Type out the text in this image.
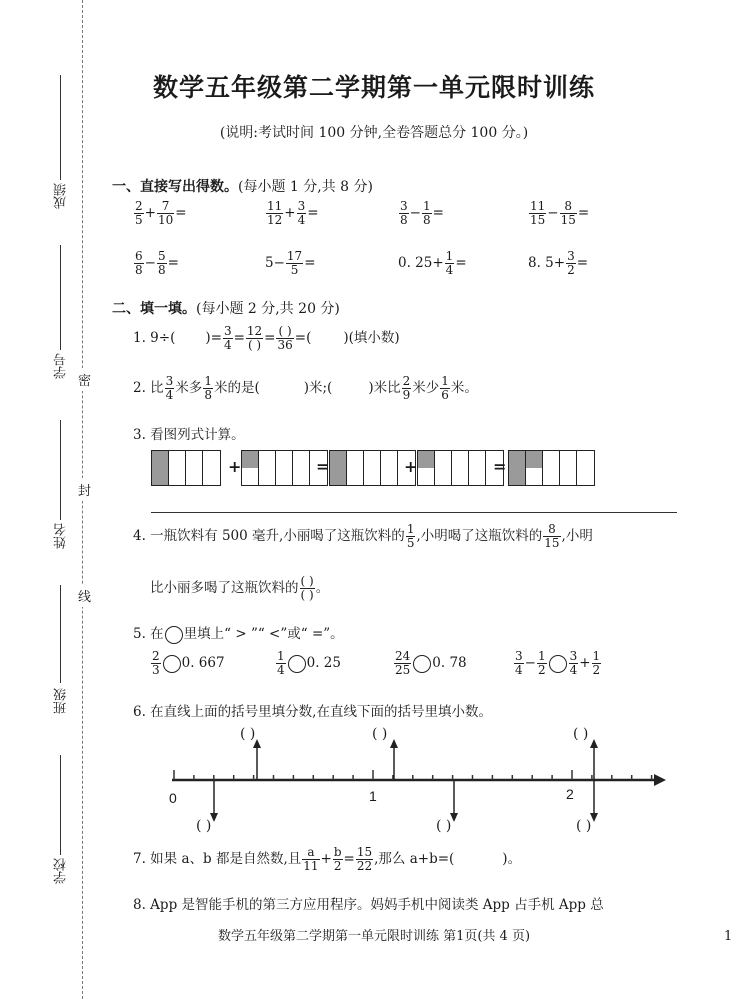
成绩
学号
姓名
班级
学校
密
封
线
数学五年级第二学期第一单元限时训练
(说明:考试时间 100 分钟,全卷答题总分 100 分。)
一、直接写出得数。(每小题 1 分,共 8 分)
$\frac{2}{5} + \frac{7}{10}$ =	$\frac{11}{12} + \frac{3}{4}$ =	$\frac{3}{8} - \frac{1}{8}$ =	$\frac{11}{15} - \frac{8}{15}$ =
$\frac{6}{8} - \frac{5}{8}$ =	$5- \frac{17}{5}$ =	0. $25+ \frac{1}{4}$ =	8. $5+ \frac{3}{2}$ =
二、填一填。(每小题 2 分,共 20 分)
1. 9÷( )= $\frac{3}{4} = \frac{12}{( )} = \frac{( )}{36}$ =( )(填小数)
2. 比 $\frac{3}{4}$ 米多 $\frac{1}{8}$ 米的是(	)米;(	)米比 $\frac{2}{9}$ 米少 $\frac{1}{6}$ 米。
3. 看图列式计算。
+	=	+	=
4. 一瓶饮料有 500 毫升,小丽喝了这瓶饮料的 $\frac{1}{5}$ ,小明喝了这瓶饮料的 $\frac{8}{15}$ ,小明
比小丽多喝了这瓶饮料的 $\frac{( )}{( )}$ 。
5. 在 里填上“ > ”“ <”或“ =”。
$\frac{2}{3} 0$. 667	$\frac{1}{4} 0$. 25	$\frac{24}{25} 0$. 78	$\frac{3}{4} - \frac{1}{2} \frac{3}{4} + \frac{1}{2}$
6. 在直线上面的括号里填分数,在直线下面的括号里填小数。
( )	( )	( )
0	1	2
( )	( )	( )
7. 如果 a、b 都是自然数,且 $\frac{a}{11} + \frac{b}{2} = \frac{15}{22}$ ,那么 a+b=(	)。
8. App 是智能手机的第三方应用程序。妈妈手机中阅读类 App 占手机 App 总
数学五年级第二学期第一单元限时训练 第1页(共 4 页)	1
